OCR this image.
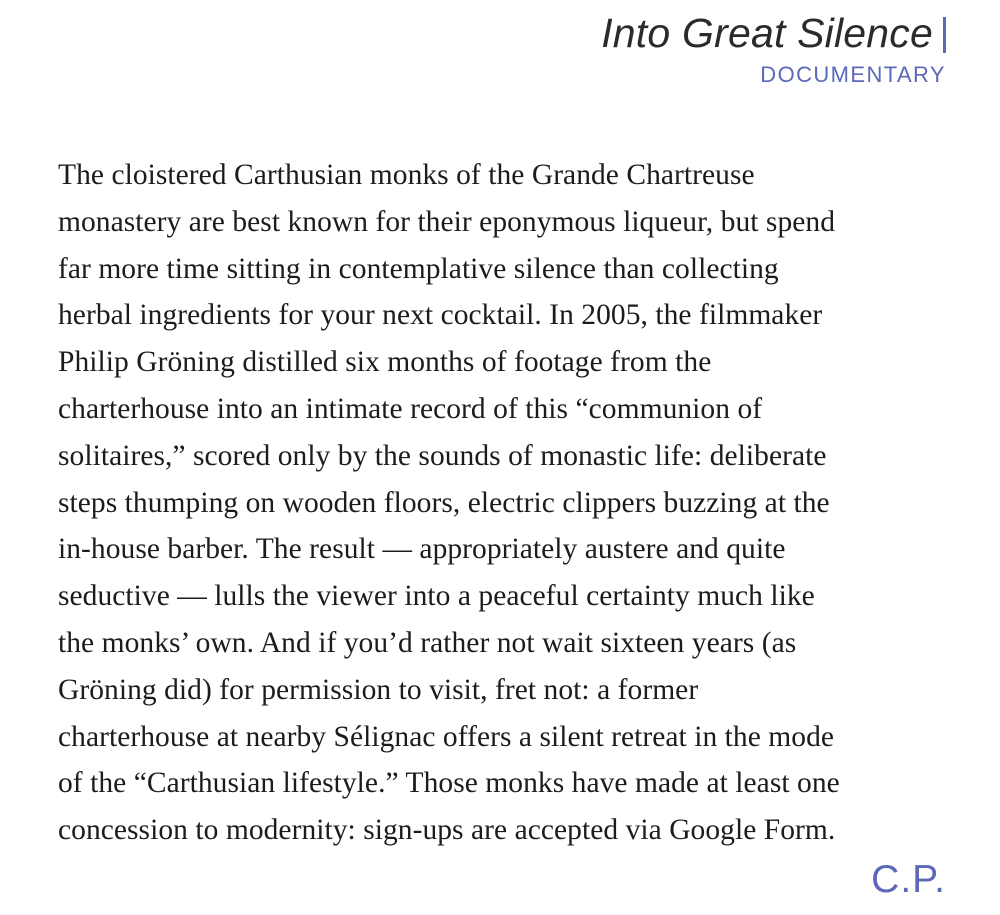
Into Great Silence
DOCUMENTARY

The cloistered Carthusian monks of the Grande Chartreuse
monastery are best known for their eponymous liqueur, but spend
far more time sitting in contemplative silence than collecting
herbal ingredients for your next cocktail. In 2005, the filmmaker
Philip Gröning distilled six months of footage from the
charterhouse into an intimate record of this “communion of
solitaires,” scored only by the sounds of monastic life: deliberate
steps thumping on wooden floors, electric clippers buzzing at the
in-house barber. The result — appropriately austere and quite
seductive — lulls the viewer into a peaceful certainty much like
the monks’ own. And if you’d rather not wait sixteen years (as
Gröning did) for permission to visit, fret not: a former
charterhouse at nearby Sélignac offers a silent retreat in the mode
of the “Carthusian lifestyle.” Those monks have made at least one
concession to modernity: sign-ups are accepted via Google Form.

C.P.
